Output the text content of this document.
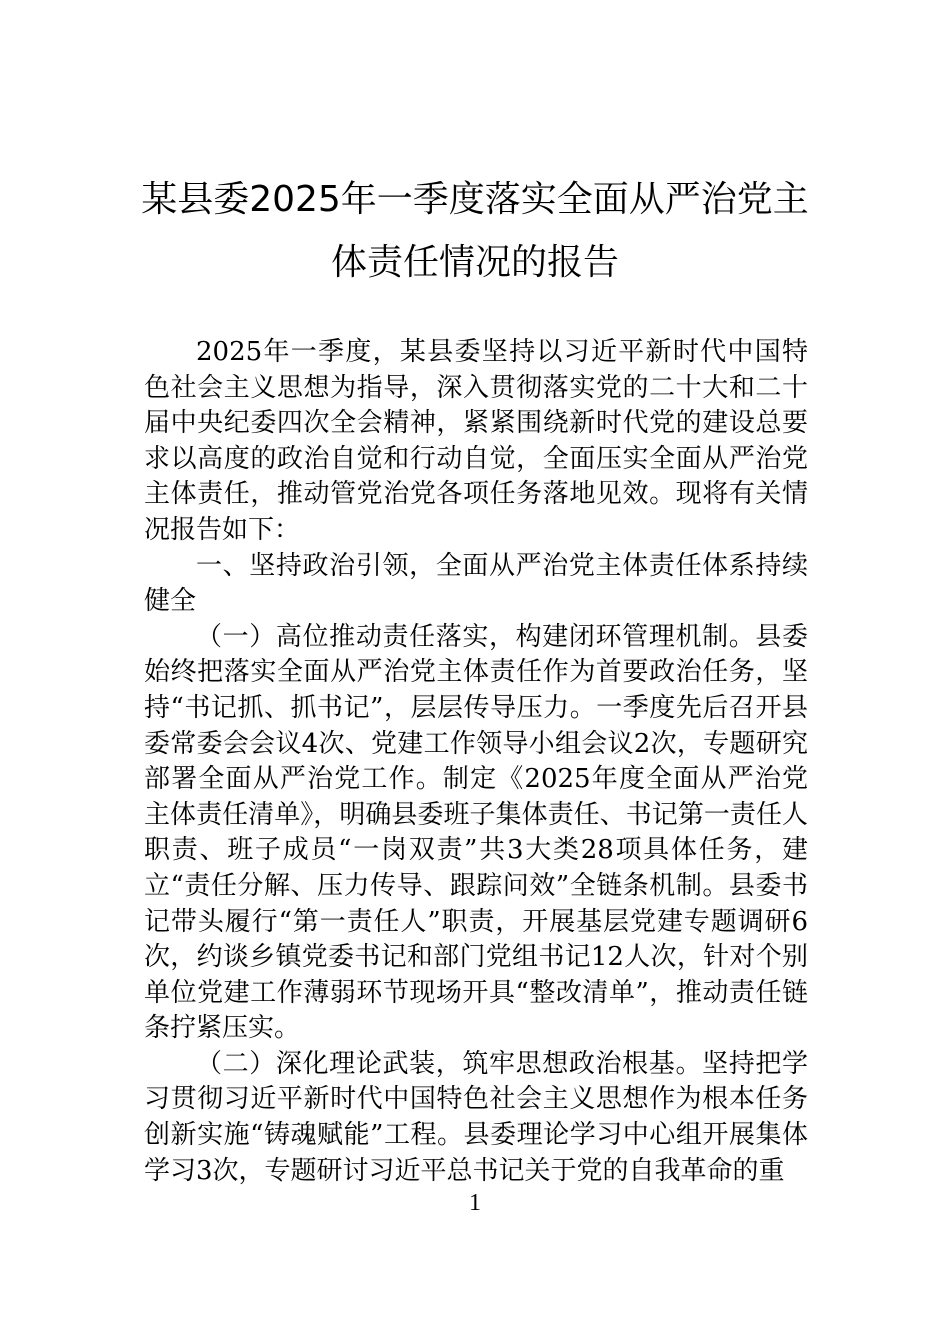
某县委2025年一季度落实全面从严治党主体责任情况的报告

2025年一季度，某县委坚持以习近平新时代中国特色社会主义思想为指导，深入贯彻落实党的二十大和二十届中央纪委四次全会精神，紧紧围绕新时代党的建设总要求以高度的政治自觉和行动自觉，全面压实全面从严治党主体责任，推动管党治党各项任务落地见效。现将有关情况报告如下：

一、坚持政治引领，全面从严治党主体责任体系持续健全

（一）高位推动责任落实，构建闭环管理机制。县委始终把落实全面从严治党主体责任作为首要政治任务，坚持“书记抓、抓书记”，层层传导压力。一季度先后召开县委常委会会议4次、党建工作领导小组会议2次，专题研究部署全面从严治党工作。制定《2025年度全面从严治党主体责任清单》，明确县委班子集体责任、书记第一责任人职责、班子成员“一岗双责”共3大类28项具体任务，建立“责任分解、压力传导、跟踪问效”全链条机制。县委书记带头履行“第一责任人”职责，开展基层党建专题调研6次，约谈乡镇党委书记和部门党组书记12人次，针对个别单位党建工作薄弱环节现场开具“整改清单”，推动责任链条拧紧压实。

（二）深化理论武装，筑牢思想政治根基。坚持把学习贯彻习近平新时代中国特色社会主义思想作为根本任务创新实施“铸魂赋能”工程。县委理论学习中心组开展集体学习3次，专题研讨习近平总书记关于党的自我革命的重

1
